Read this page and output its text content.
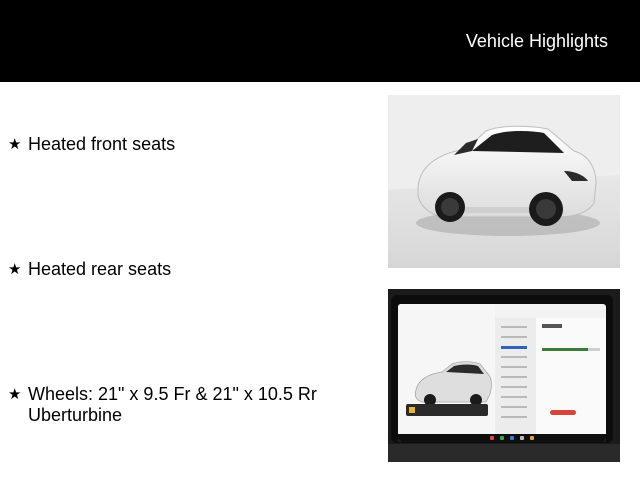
Vehicle Highlights
★ Heated front seats
★ Heated rear seats
★ Wheels: 21" x 9.5 Fr & 21" x 10.5 Rr Uberturbine
